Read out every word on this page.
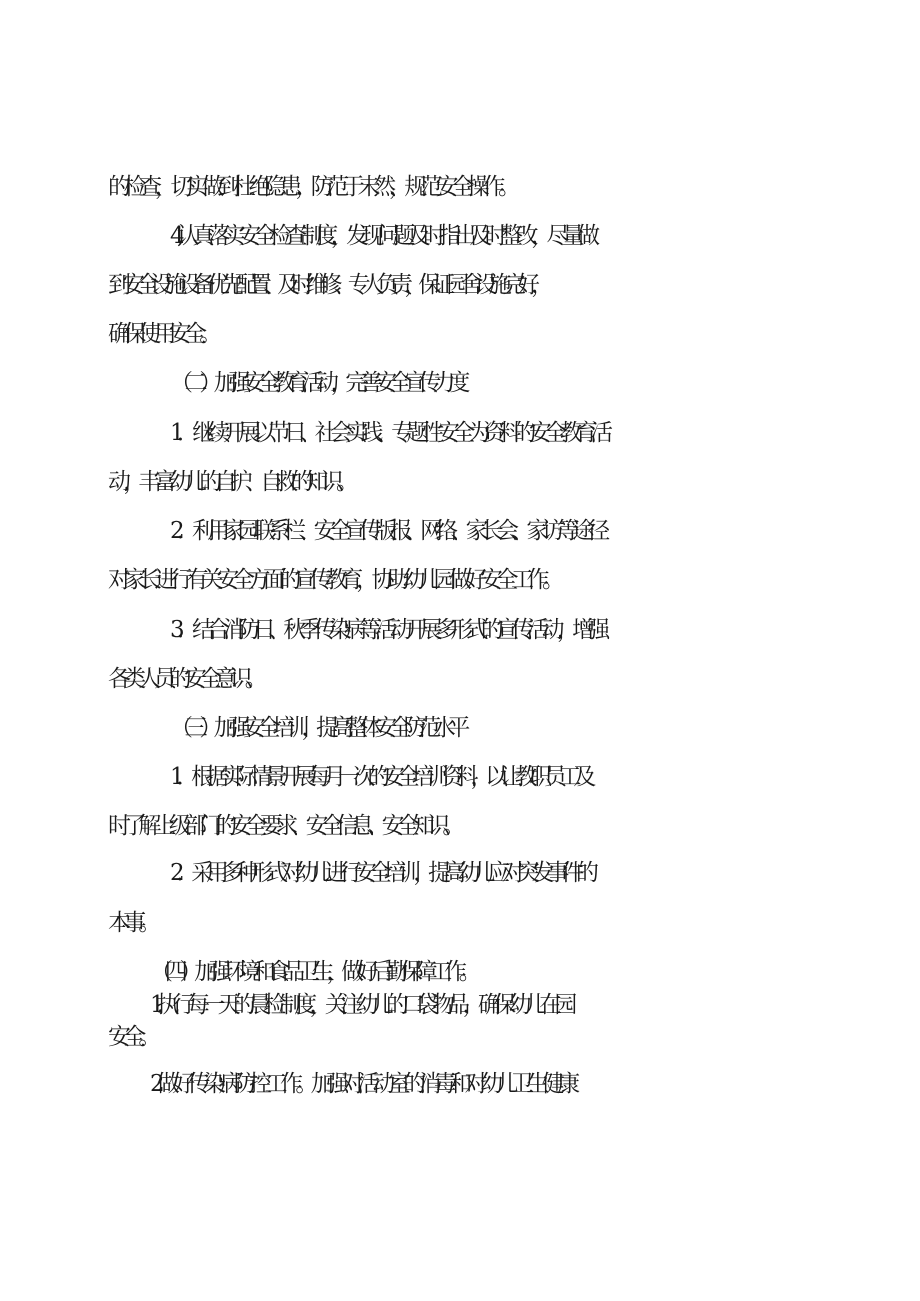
的检查，切实做到杜绝隐患，防范于未然，规范安全操作。
4,认真落实安全检查制度，发现问题及时指出及时整改，尽量做
到安全设施设备优先配置、及时维修、专人负责，保证园舍设施完好，
确保使用安全。
（二）加强安全教育活动，完善安全宣传力度
1．继续开展以节日、社会实践、专题性安全为资料的安全教育活
动，丰富幼儿的自护、自救的知识。
2．利用家园联系栏、安全宣传版报、网络、家长会、家访等途径
对家长进行有关安全方面的宣传教育，协助幼儿园做好安全工作。
3．结合消防日、秋季传染病等活动开展多形式的宣传活动，增强
各类人员的安全意识。
（三）加强安全培训，提高整体安全防范水平
1．根据实际情景开展每月一次的安全培训资料，以让教职员工及
时了解上级部门的安全要求、安全信息、安全知识。
2．采用多种形式对幼儿进行安全培训，提高幼儿应对突发事件的
本事。
（四）加强环境和食品卫生，做好后勤保障工作。
1.执行每一天的晨检制度，关注幼儿的口袋物品，确保幼儿在园
安全。
2.做好传染病防控工作。加强对活动室的消毒和对幼儿卫生健康
